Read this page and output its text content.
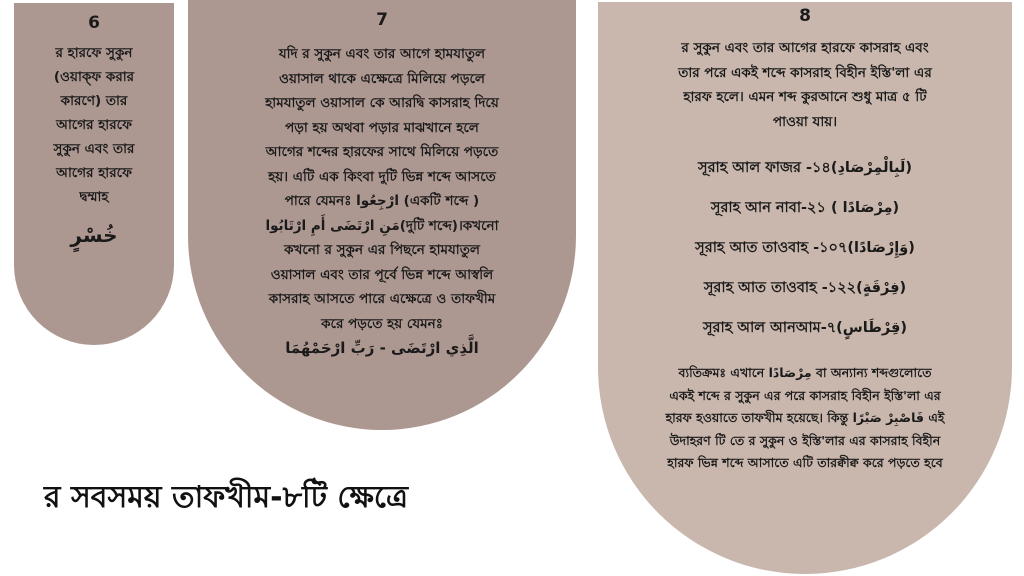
6
র হারফে সুকুন
(ওয়াক্ফ করার
কারণে) তার
আগের হারফে
সুকুন এবং তার
আগের হারফে
দ্বম্মাহ
خُسْرٍ
7
যদি র সুকুন এবং তার আগে হামযাতুল
ওয়াসাল থাকে এক্ষেত্রে মিলিয়ে পড়লে
হামযাতুল ওয়াসাল কে আরদ্বি কাসরাহ দিয়ে
পড়া হয় অথবা পড়ার মাঝখানে হলে
আগের শব্দের হারফের সাথে মিলিয়ে পড়তে
হয়। এটি এক কিংবা দুটি ভিন্ন শব্দে আসতে
পারে যেমনঃ ارْجِعُوا (একটি শব্দে )
مَنِ ارْتَضَى أَمِ ارْتَابُوا(দুটি শব্দে)।কখনো
কখনো র সুকুন এর পিছনে হামযাতুল
ওয়াসাল এবং তার পূর্বে ভিন্ন শব্দে আস্বলি
কাসরাহ আসতে পারে এক্ষেত্রে ও তাফখীম
করে পড়তে হয় যেমনঃ
الَّذِي ارْتَضَى - رَبِّ ارْحَمْهُمَا
8
র সুকুন এবং তার আগের হারফে কাসরাহ এবং
তার পরে একই শব্দে কাসরাহ বিহীন ইস্তি'লা এর
হারফ হলে। এমন শব্দ কুরআনে শুধু মাত্র ৫ টি
পাওয়া যায়।
সূরাহ আল ফাজর -১৪(لَبِالْمِرْصَادِ)
সূরাহ আন নাবা-২১ ( مِرْصَادًا)
সূরাহ আত তাওবাহ -১০৭(وَإِرْصَادًا)
সূরাহ আত তাওবাহ -১২২(فِرْقَةٍ)
সূরাহ আল আনআম-৭(قِرْطَاسٍ)
ব্যতিক্রমঃ এখানে مِرْصَادًا বা অন্যান্য শব্দগুলোতে
একই শব্দে র সুকুন এর পরে কাসরাহ বিহীন ইস্তি'লা এর
হারফ হওয়াতে তাফখীম হয়েছে। কিন্তু فَاصْبِرْ صَبْرًا এই
উদাহরণ টি তে র সুকুন ও ইস্তি'লার এর কাসরাহ বিহীন
হারফ ভিন্ন শব্দে আসাতে এটি তারক্বীক্ব করে পড়তে হবে
র সবসময় তাফখীম-৮টি ক্ষেত্রে
